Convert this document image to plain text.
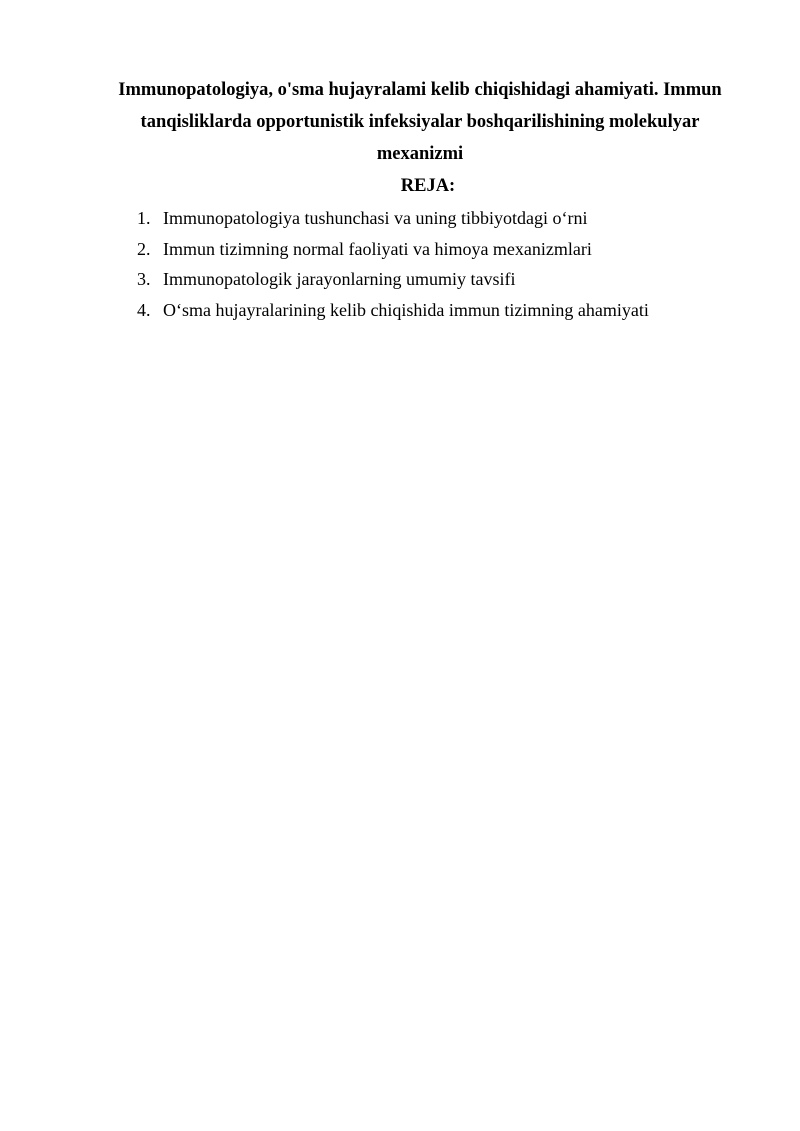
Immunopatologiya, o'sma hujayralami kelib chiqishidagi ahamiyati. Immun tanqisliklarda opportunistik infeksiyalar boshqarilishining molekulyar mexanizmi
REJA:
1. Immunopatologiya tushunchasi va uning tibbiyotdagi o‘rni
2. Immun tizimning normal faoliyati va himoya mexanizmlari
3. Immunopatologik jarayonlarning umumiy tavsifi
4. O‘sma hujayralarining kelib chiqishida immun tizimning ahamiyati
